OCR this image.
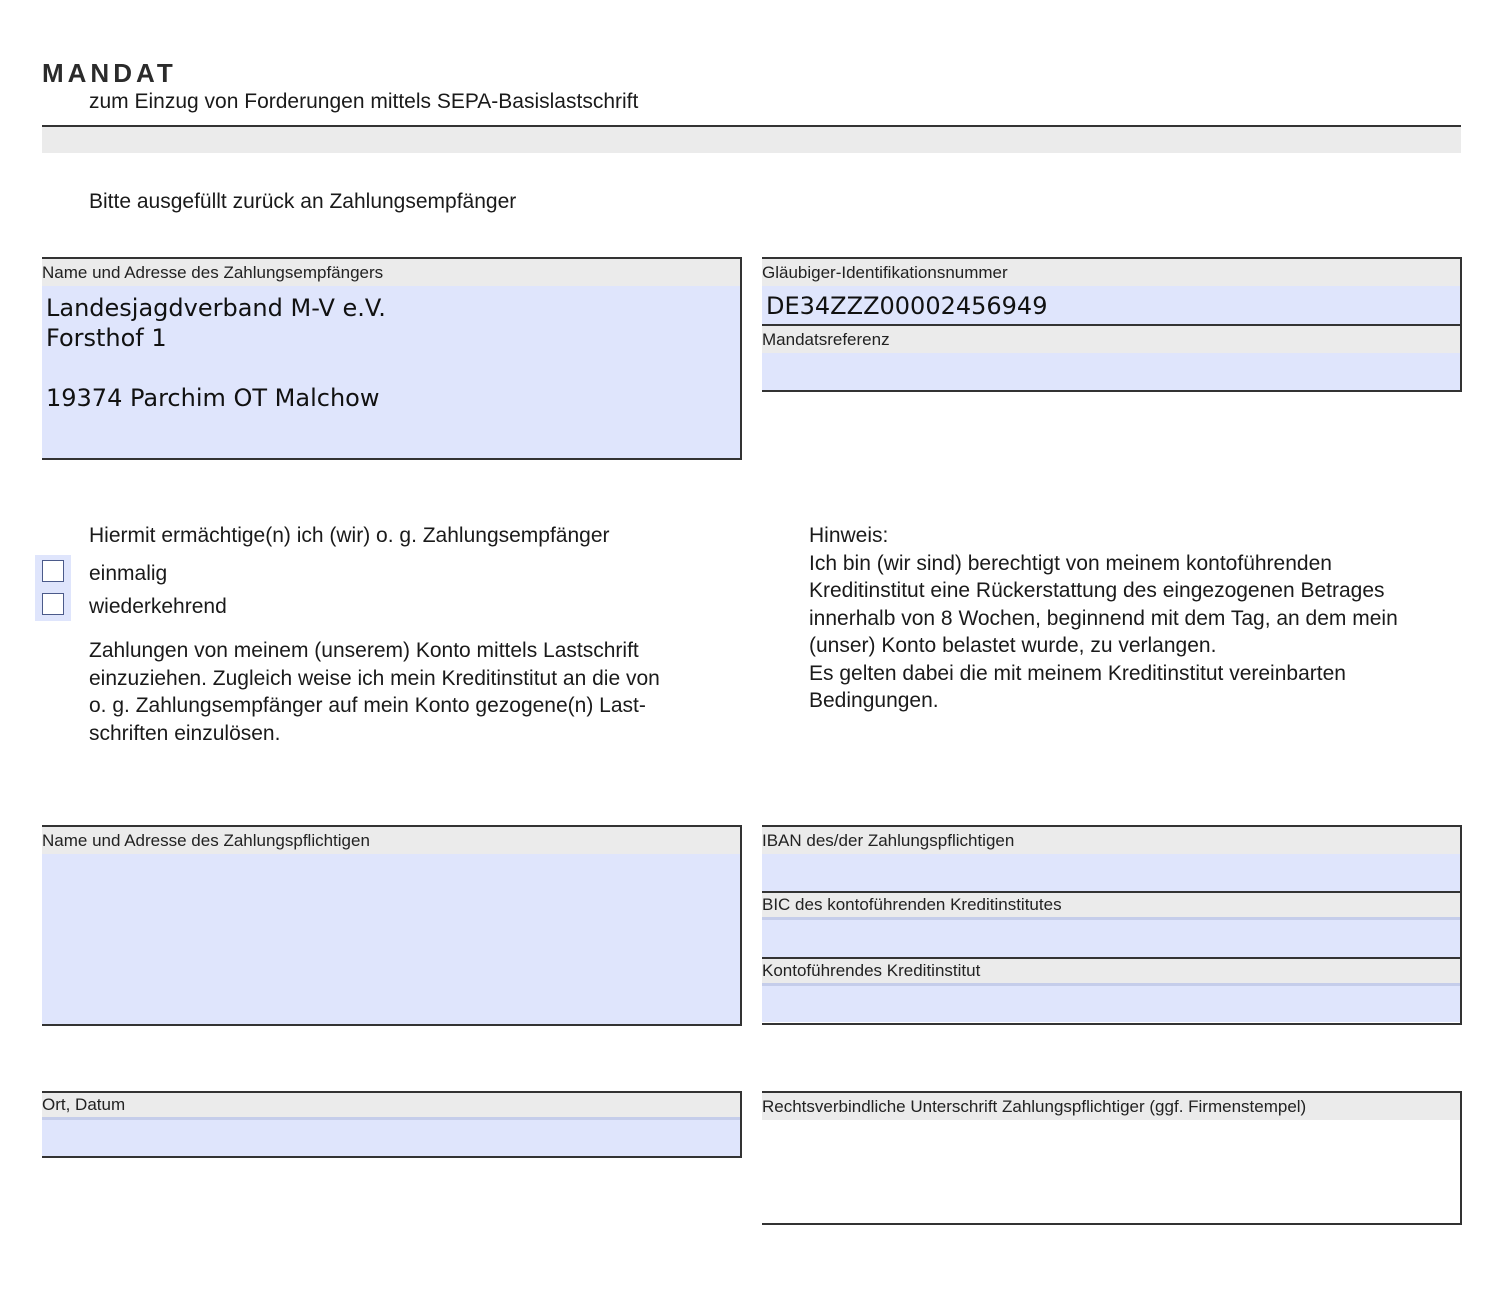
MANDAT
zum Einzug von Forderungen mittels SEPA-Basislastschrift
Bitte ausgefüllt zurück an Zahlungsempfänger
Name und Adresse des Zahlungsempfängers
Landesjagdverband M-V e.V.
Forsthof 1

19374 Parchim OT Malchow
Gläubiger-Identifikationsnummer
DE34ZZZ00002456949
Mandatsreferenz
Hiermit ermächtige(n) ich (wir) o. g. Zahlungsempfänger
einmalig
wiederkehrend
Zahlungen von meinem (unserem) Konto mittels Lastschrift
einzuziehen. Zugleich weise ich mein Kreditinstitut an die von
o. g. Zahlungsempfänger auf mein Konto gezogene(n) Last-
schriften einzulösen.
Hinweis:
Ich bin (wir sind) berechtigt von meinem kontoführenden
Kreditinstitut eine Rückerstattung des eingezogenen Betrages
innerhalb von 8 Wochen, beginnend mit dem Tag, an dem mein
(unser) Konto belastet wurde, zu verlangen.
Es gelten dabei die mit meinem Kreditinstitut vereinbarten
Bedingungen.
Name und Adresse des Zahlungspflichtigen	IBAN des/der Zahlungspflichtigen
BIC des kontoführenden Kreditinstitutes
Kontoführendes Kreditinstitut
Ort, Datum	Rechtsverbindliche Unterschrift Zahlungspflichtiger (ggf. Firmenstempel)
